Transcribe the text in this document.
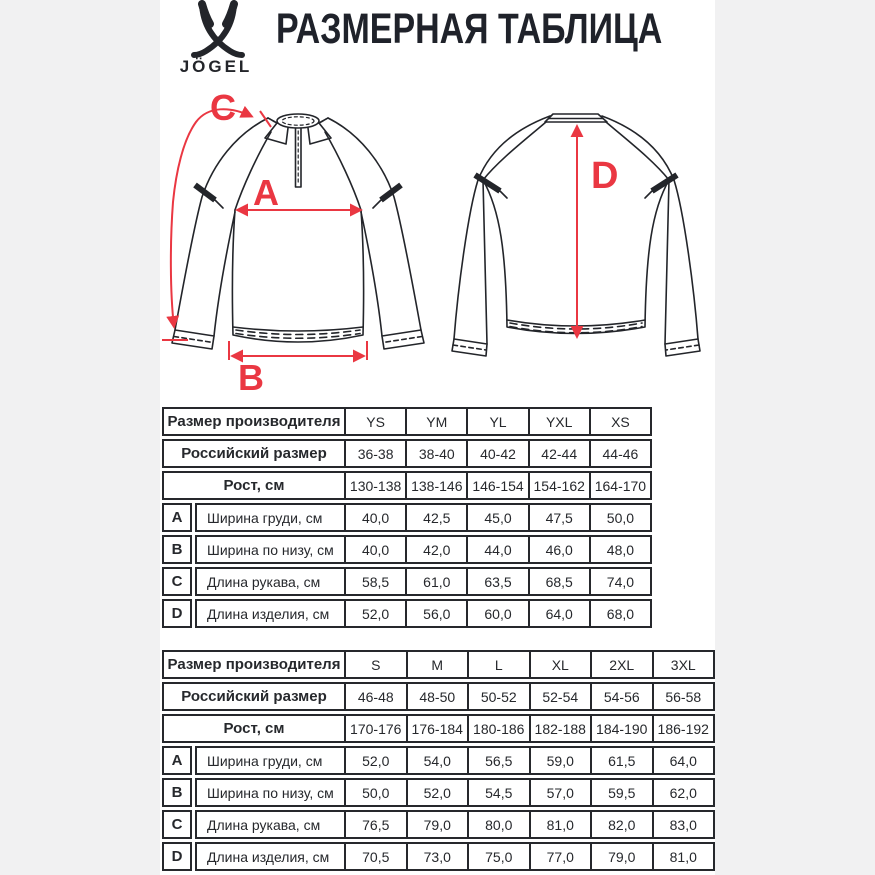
JÖGEL
РАЗМЕРНАЯ ТАБЛИЦА
A
B
C
D
Размер производителя	YS	YM	YL	YXL	XS
Российский размер	36-38	38-40	40-42	42-44	44-46
Рост, см	130-138 138-146 146-154 154-162 164-170
A	Ширина груди, см	40,0	42,5	45,0	47,5	50,0
B	Ширина по низу, см	40,0	42,0	44,0	46,0	48,0
C	Длина рукава, см	58,5	61,0	63,5	68,5	74,0
D	Длина изделия, см	52,0	56,0	60,0	64,0	68,0
Размер производителя	S	M	L	XL	2XL	3XL
Российский размер	46-48	48-50	50-52	52-54	54-56	56-58
Рост, см	170-176 176-184 180-186 182-188 184-190 186-192
A	Ширина груди, см	52,0	54,0	56,5	59,0	61,5	64,0
B	Ширина по низу, см	50,0	52,0	54,5	57,0	59,5	62,0
C	Длина рукава, см	76,5	79,0	80,0	81,0	82,0	83,0
D	Длина изделия, см	70,5	73,0	75,0	77,0	79,0	81,0
